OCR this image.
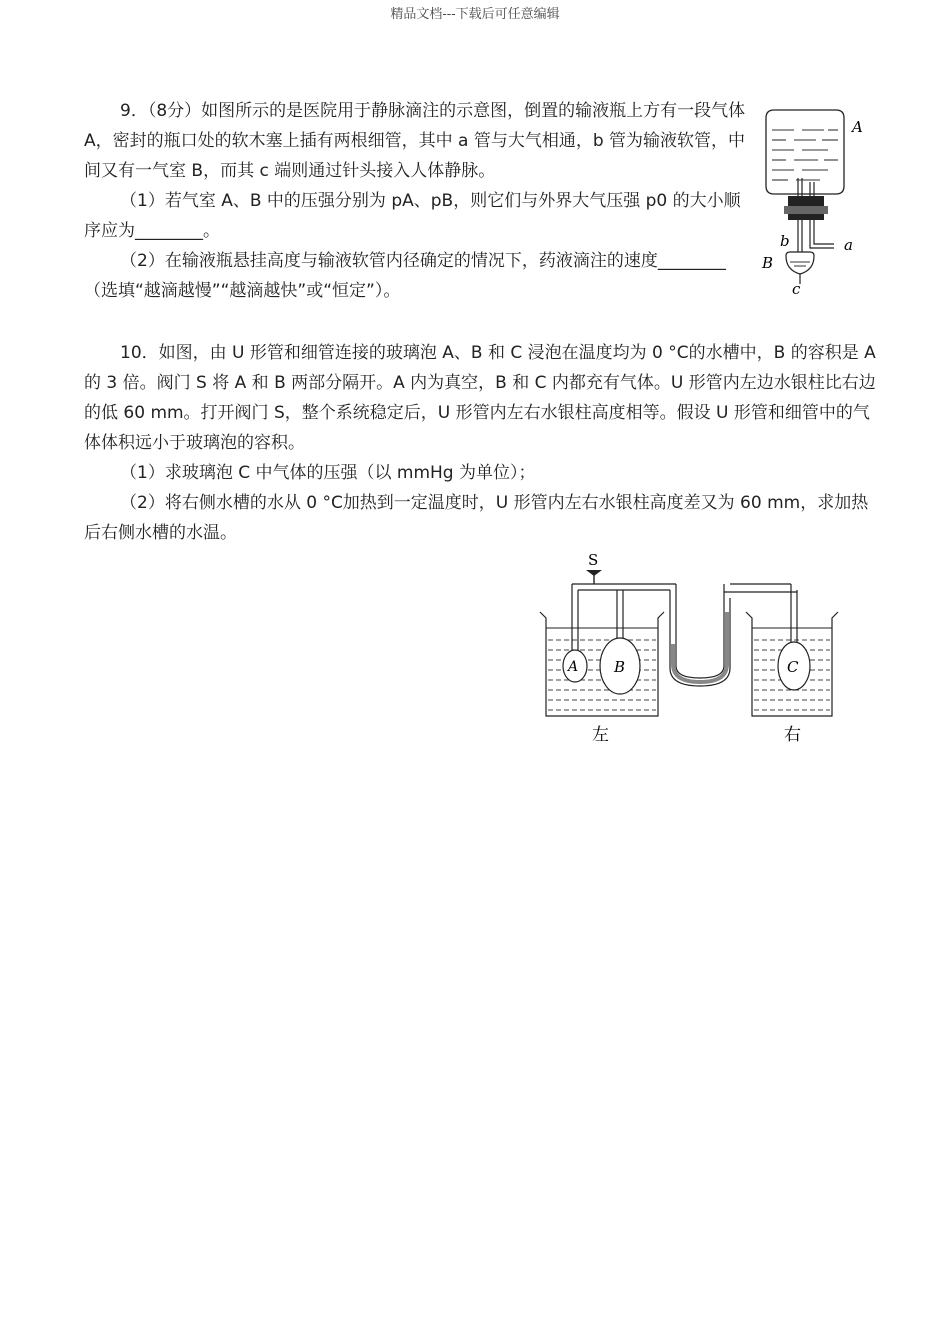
精品文档---下载后可任意编辑

9．（8分）如图所示的是医院用于静脉滴注的示意图，倒置的输液瓶上方有一段气体 A，密封的瓶口处的软木塞上插有两根细管，其中 a 管与大气相通，b 管为输液软管，中间又有一气室 B，而其 c 端则通过针头接入人体静脉。

（1）若气室 A、B 中的压强分别为 pA、pB，则它们与外界大气压强 p0 的大小顺序应为________。

（2）在输液瓶悬挂高度与输液软管内径确定的情况下，药液滴注的速度________（选填“越滴越慢”“越滴越快”或“恒定”）。

A
a
b
B
c

10．如图，由 U 形管和细管连接的玻璃泡 A、B 和 C 浸泡在温度均为 0 °C的水槽中，B 的容积是 A 的 3 倍。阀门 S 将 A 和 B 两部分隔开。A 内为真空，B 和 C 内都充有气体。U 形管内左边水银柱比右边的低 60 mm。打开阀门 S，整个系统稳定后，U 形管内左右水银柱高度相等。假设 U 形管和细管中的气体体积远小于玻璃泡的容积。

（1）求玻璃泡 C 中气体的压强（以 mmHg 为单位）；

（2）将右侧水槽的水从 0 °C加热到一定温度时，U 形管内左右水银柱高度差又为 60 mm，求加热后右侧水槽的水温。

S
A B	C
左	右
